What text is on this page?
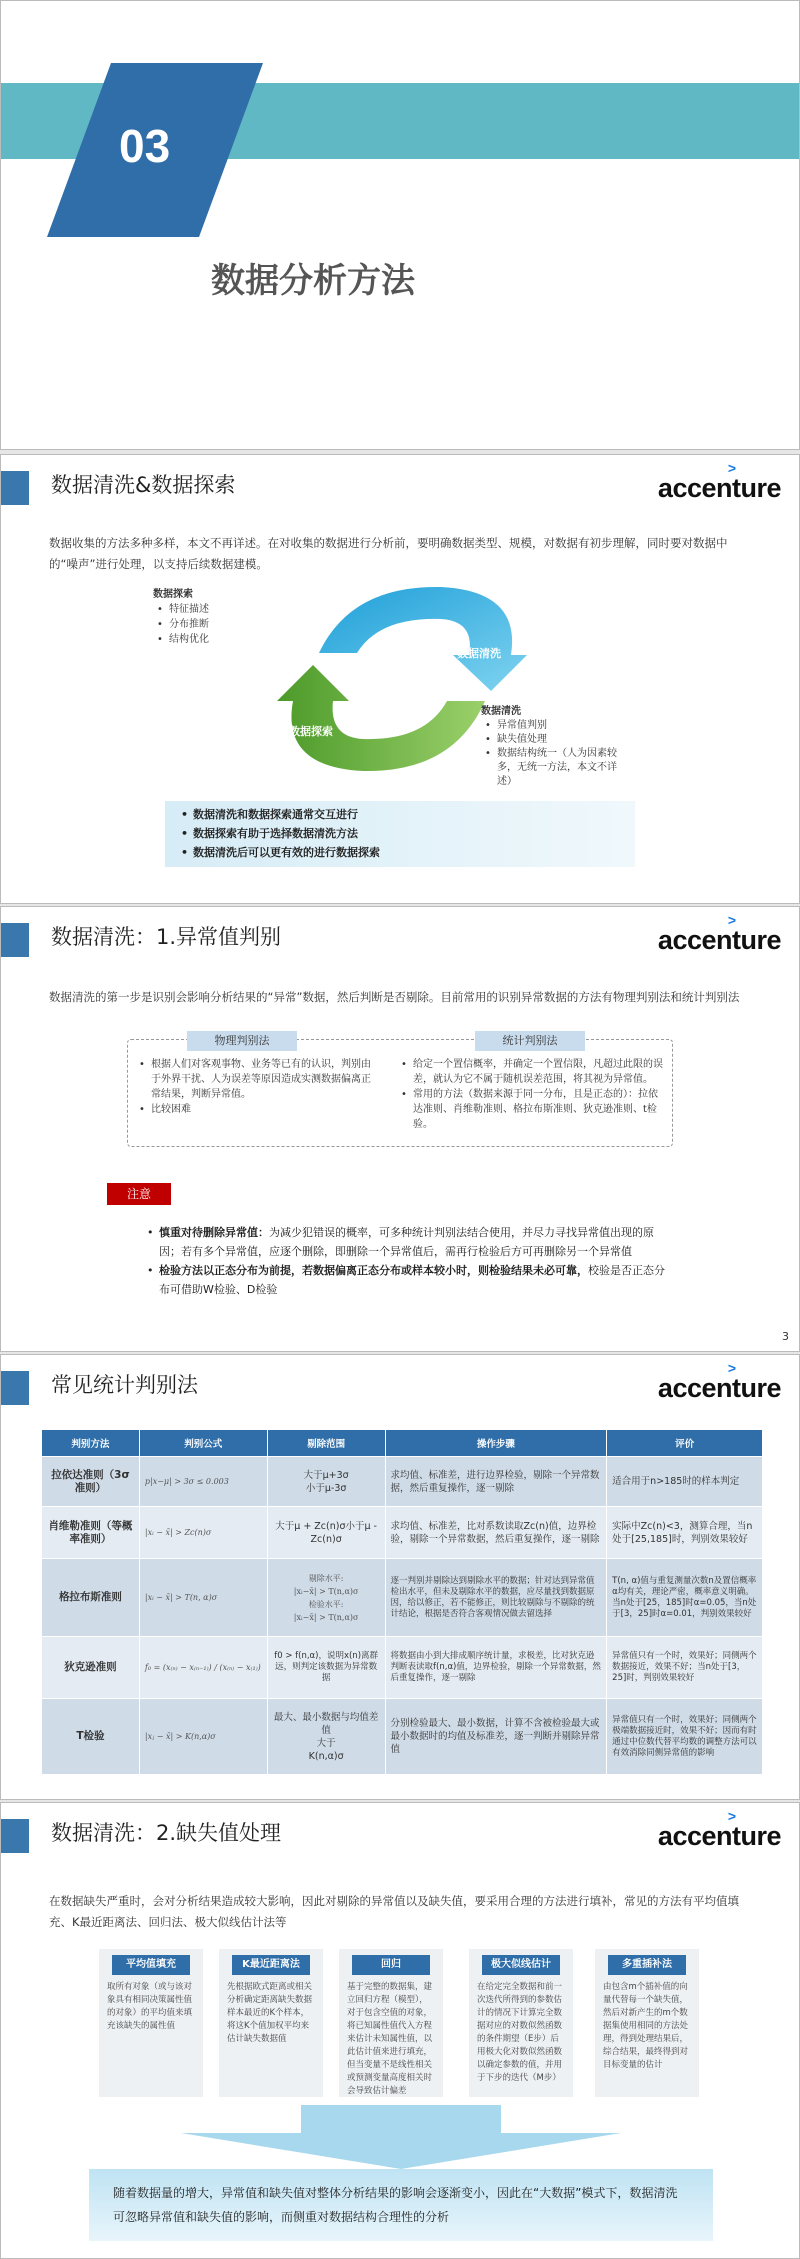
03
数据分析方法
数据清洗&数据探索
>
accenture
数据收集的方法多种多样，本文不再详述。在对收集的数据进行分析前，要明确数据类型、规模，对数据有初步理解，同时要对数据中的“噪声”进行处理，以支持后续数据建模。
数据清洗
数据探索
数据探索
• 特征描述
• 分布推断
• 结构优化
数据清洗
• 异常值判别
• 缺失值处理
• 数据结构统一（人为因素较多，无统一方法，本文不详述）
• 数据清洗和数据探索通常交互进行
• 数据探索有助于选择数据清洗方法
• 数据清洗后可以更有效的进行数据探索
数据清洗：1.异常值判别
>
accenture
数据清洗的第一步是识别会影响分析结果的“异常”数据，然后判断是否剔除。目前常用的识别异常数据的方法有物理判别法和统计判别法
物理判别法
• 根据人们对客观事物、业务等已有的认识，判别由于外界干扰、人为误差等原因造成实测数据偏离正常结果，判断异常值。
• 比较困难
统计判别法
• 给定一个置信概率，并确定一个置信限，凡超过此限的误差，就认为它不属于随机误差范围，将其视为异常值。
• 常用的方法（数据来源于同一分布，且是正态的）：拉依达准则、肖维勒准则、格拉布斯准则、狄克逊准则、t检验。
注意
• 慎重对待删除异常值：为减少犯错误的概率，可多种统计判别法结合使用，并尽力寻找异常值出现的原因；若有多个异常值，应逐个删除，即删除一个异常值后，需再行检验后方可再删除另一个异常值
• 检验方法以正态分布为前提，若数据偏离正态分布或样本较小时，则检验结果未必可靠，校验是否正态分布可借助W检验、D检验
3
常见统计判别法
>
accenture
判别方法	判别公式	剔除范围	操作步骤	评价
拉依达准则（3σ准则）	p|x−μ| > 3σ ≤ 0.003	大于μ+3σ
小于μ-3σ	求均值、标准差，进行边界检验，剔除一个异常数据，然后重复操作，逐一剔除	适合用于n>185时的样本判定
肖维勒准则（等概率准则）	|xᵢ − x̄| > Zc(n)σ	大于μ + Zc(n)σ小于μ - Zc(n)σ	求均值、标准差，比对系数读取Zc(n)值，边界检验，剔除一个异常数据，然后重复操作，逐一剔除	实际中Zc(n)<3，测算合理，当n处于[25,185]时，判别效果较好
格拉布斯准则	|xᵢ − x̄| > T(n, α)σ	剔除水平:
|xᵢ−x̄| > T(n,α)σ
检验水平:
|xᵢ−x̄| > T(n,α)σ	逐一判别并剔除达到剔除水平的数据；针对达到异常值检出水平，但未及剔除水平的数据，应尽量找到数据原因，给以修正，若不能修正，则比较剔除与不剔除的统计结论，根据是否符合客观情况做去留选择	T(n, α)值与重复测量次数n及置信概率α均有关，理论严密，概率意义明确。当n处于[25，185]时α=0.05，当n处于[3，25]时α=0.01，判别效果较好
狄克逊准则	f₀ = (x₍ₙ₎ − x₍ₙ₋₁₎) / (x₍ₙ₎ − x₍₁₎)	f0 > f(n,α)，说明x(n)离群远，则判定该数据为异常数据	将数据由小到大排成顺序统计量，求极差，比对狄克逊判断表读取f(n,α)值，边界检验，剔除一个异常数据，然后重复操作，逐一剔除	异常值只有一个时，效果好；同侧两个数据接近，效果不好；当n处于[3，25]时，判别效果较好
T检验	|xⱼ − x̄| > K(n,α)σ	最大、最小数据与均值差值
大于
K(n,α)σ	分别检验最大、最小数据，计算不含被检验最大或最小数据时的均值及标准差，逐一判断并剔除异常值	异常值只有一个时，效果好；同侧两个极端数据接近时，效果不好；因而有时通过中位数代替平均数的调整方法可以有效消除同侧异常值的影响
数据清洗：2.缺失值处理
>
accenture
在数据缺失严重时，会对分析结果造成较大影响，因此对剔除的异常值以及缺失值，要采用合理的方法进行填补，常见的方法有平均值填充、K最近距离法、回归法、极大似线估计法等
平均值填充
取所有对象（或与该对象具有相同决策属性值的对象）的平均值来填充该缺失的属性值
K最近距离法
先根据欧式距离或相关分析确定距离缺失数据样本最近的K个样本，将这K个值加权平均来估计缺失数据值
回归
基于完整的数据集，建立回归方程（模型），对于包含空值的对象，将已知属性值代入方程来估计未知属性值，以此估计值来进行填充，但当变量不是线性相关或预测变量高度相关时会导致估计偏差
极大似线估计
在给定完全数据和前一次迭代所得到的参数估计的情况下计算完全数据对应的对数似然函数的条件期望（E步）后用极大化对数似然函数以确定参数的值，并用于下步的迭代（M步）
多重插补法
由包含m个插补值的向量代替每一个缺失值，然后对新产生的m个数据集使用相同的方法处理，得到处理结果后，综合结果，最终得到对目标变量的估计
随着数据量的增大，异常值和缺失值对整体分析结果的影响会逐渐变小，因此在“大数据”模式下，数据清洗可忽略异常值和缺失值的影响，而侧重对数据结构合理性的分析
